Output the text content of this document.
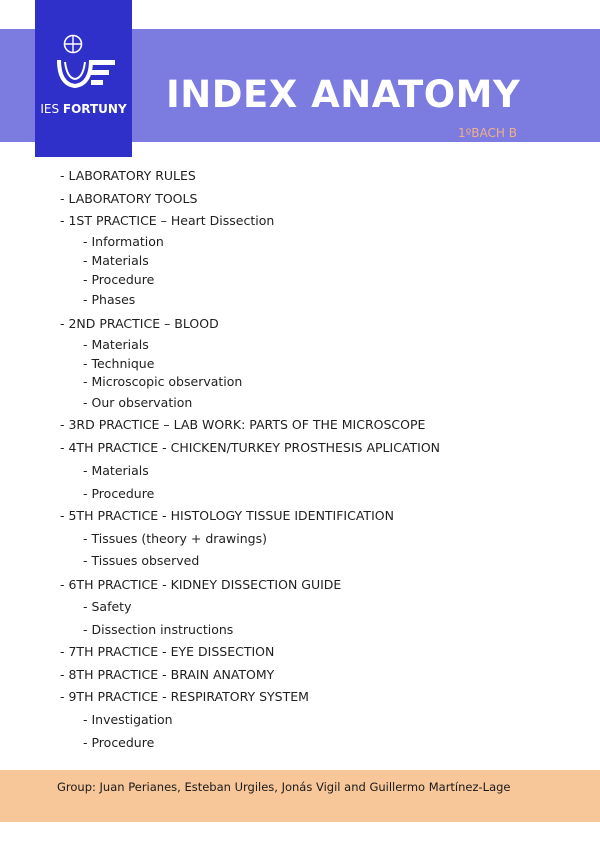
INDEX ANATOMY
1ºBACH B
IES FORTUNY
- LABORATORY RULES
- LABORATORY TOOLS
- 1ST PRACTICE – Heart Dissection
- Information
- Materials
- Procedure
- Phases
- 2ND PRACTICE – BLOOD
- Materials
- Technique
- Microscopic observation
- Our observation
- 3RD PRACTICE – LAB WORK: PARTS OF THE MICROSCOPE
- 4TH PRACTICE - CHICKEN/TURKEY PROSTHESIS APLICATION
- Materials
- Procedure
- 5TH PRACTICE - HISTOLOGY TISSUE IDENTIFICATION
- Tissues (theory + drawings)
- Tissues observed
- 6TH PRACTICE - KIDNEY DISSECTION GUIDE
- Safety
- Dissection instructions
- 7TH PRACTICE - EYE DISSECTION
- 8TH PRACTICE - BRAIN ANATOMY
- 9TH PRACTICE - RESPIRATORY SYSTEM
- Investigation
- Procedure
Group: Juan Perianes, Esteban Urgiles, Jonás Vigil and Guillermo Martínez-Lage
